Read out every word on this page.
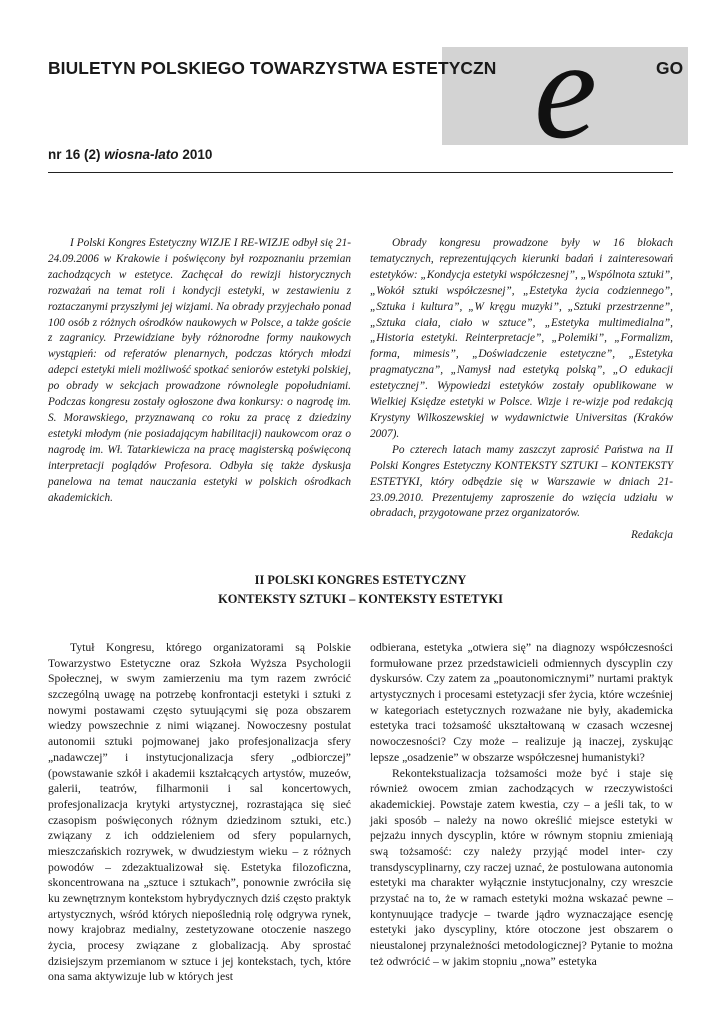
e
BIULETYN POLSKIEGO TOWARZYSTWA ESTETYCZN	GO
nr 16 (2) wiosna-lato 2010

I Polski Kongres Estetyczny WIZJE I RE-WIZJE odbył się 21-24.09.2006 w Krakowie i poświęcony był rozpoznaniu przemian zachodzących w estetyce. Zachęcał do rewizji historycznych rozważań na temat roli i kondycji estetyki, w zestawieniu z roztaczanymi przyszłymi jej wizjami. Na obrady przyjechało ponad 100 osób z różnych ośrodków naukowych w Polsce, a także goście z zagranicy. Przewidziane były różnorodne formy naukowych wystąpień: od referatów plenarnych, podczas których młodzi adepci estetyki mieli możliwość spotkać seniorów estetyki polskiej, po obrady w sekcjach prowadzone równolegle popołudniami. Podczas kongresu zostały ogłoszone dwa konkursy: o nagrodę im. S. Morawskiego, przyznawaną co roku za pracę z dziedziny estetyki młodym (nie posiadającym habilitacji) naukowcom oraz o nagrodę im. Wł. Tatarkiewicza na pracę magisterską poświęconą interpretacji poglądów Profesora. Odbyła się także dyskusja panelowa na temat nauczania estetyki w polskich ośrodkach akademickich.

Obrady kongresu prowadzone były w 16 blokach tematycznych, reprezentujących kierunki badań i zainteresowań estetyków: „Kondycja estetyki współczesnej”, „Wspólnota sztuki”, „Wokół sztuki współczesnej”, „Estetyka życia codziennego”, „Sztuka i kultura”, „W kręgu muzyki”, „Sztuki przestrzenne”, „Sztuka ciała, ciało w sztuce”, „Estetyka multimedialna”, „Historia estetyki. Reinterpretacje”, „Polemiki”, „Formalizm, forma, mimesis”, „Doświadczenie estetyczne”, „Estetyka pragmatyczna”, „Namysł nad estetyką polską”, „O edukacji estetycznej”. Wypowiedzi estetyków zostały opublikowane w Wielkiej Księdze estetyki w Polsce. Wizje i re-wizje pod redakcją Krystyny Wilkoszewskiej w wydawnictwie Universitas (Kraków 2007).

Po czterech latach mamy zaszczyt zaprosić Państwa na II Polski Kongres Estetyczny KONTEKSTY SZTUKI – KONTEKSTY ESTETYKI, który odbędzie się w Warszawie w dniach 21-23.09.2010. Prezentujemy zaproszenie do wzięcia udziału w obradach, przygotowane przez organizatorów.

Redakcja

II POLSKI KONGRES ESTETYCZNY
KONTEKSTY SZTUKI – KONTEKSTY ESTETYKI

Tytuł Kongresu, którego organizatorami są Polskie Towarzystwo Estetyczne oraz Szkoła Wyższa Psychologii Społecznej, w swym zamierzeniu ma tym razem zwrócić szczególną uwagę na potrzebę konfrontacji estetyki i sztuki z nowymi postawami często sytuującymi się poza obszarem wiedzy powszechnie z nimi wiązanej. Nowoczesny postulat autonomii sztuki pojmowanej jako profesjonalizacja sfery „nadawczej” i instytucjonalizacja sfery „odbiorczej” (powstawanie szkół i akademii kształcących artystów, muzeów, galerii, teatrów, filharmonii i sal koncertowych, profesjonalizacja krytyki artystycznej, rozrastająca się sieć czasopism poświęconych różnym dziedzinom sztuki, etc.) związany z ich oddzieleniem od sfery popularnych, mieszczańskich rozrywek, w dwudziestym wieku – z różnych powodów – zdezaktualizował się. Estetyka filozoficzna, skoncentrowana na „sztuce i sztukach”, ponownie zwróciła się ku zewnętrznym kontekstom hybrydycznych dziś często praktyk artystycznych, wśród których niepoślednią rolę odgrywa rynek, nowy krajobraz medialny, zestetyzowane otoczenie naszego życia, procesy związane z globalizacją. Aby sprostać dzisiejszym przemianom w sztuce i jej kontekstach, tych, które ona sama aktywizuje lub w których jest

odbierana, estetyka „otwiera się” na diagnozy współczesności formułowane przez przedstawicieli odmiennych dyscyplin czy dyskursów. Czy zatem za „poautonomicznymi” nurtami praktyk artystycznych i procesami estetyzacji sfer życia, które wcześniej w kategoriach estetycznych rozważane nie były, akademicka estetyka traci tożsamość ukształtowaną w czasach wczesnej nowoczesności? Czy może – realizuje ją inaczej, zyskując lepsze „osadzenie” w obszarze współczesnej humanistyki?

Rekontekstualizacja tożsamości może być i staje się również owocem zmian zachodzących w rzeczywistości akademickiej. Powstaje zatem kwestia, czy – a jeśli tak, to w jaki sposób – należy na nowo określić miejsce estetyki w pejzażu innych dyscyplin, które w równym stopniu zmieniają swą tożsamość: czy należy przyjąć model inter- czy transdyscyplinarny, czy raczej uznać, że postulowana autonomia estetyki ma charakter wyłącznie instytucjonalny, czy wreszcie przystać na to, że w ramach estetyki można wskazać pewne – kontynuujące tradycje – twarde jądro wyznaczające esencję estetyki jako dyscypliny, które otoczone jest obszarem o nieustalonej przynależności metodologicznej? Pytanie to można też odwrócić – w jakim stopniu „nowa” estetyka
